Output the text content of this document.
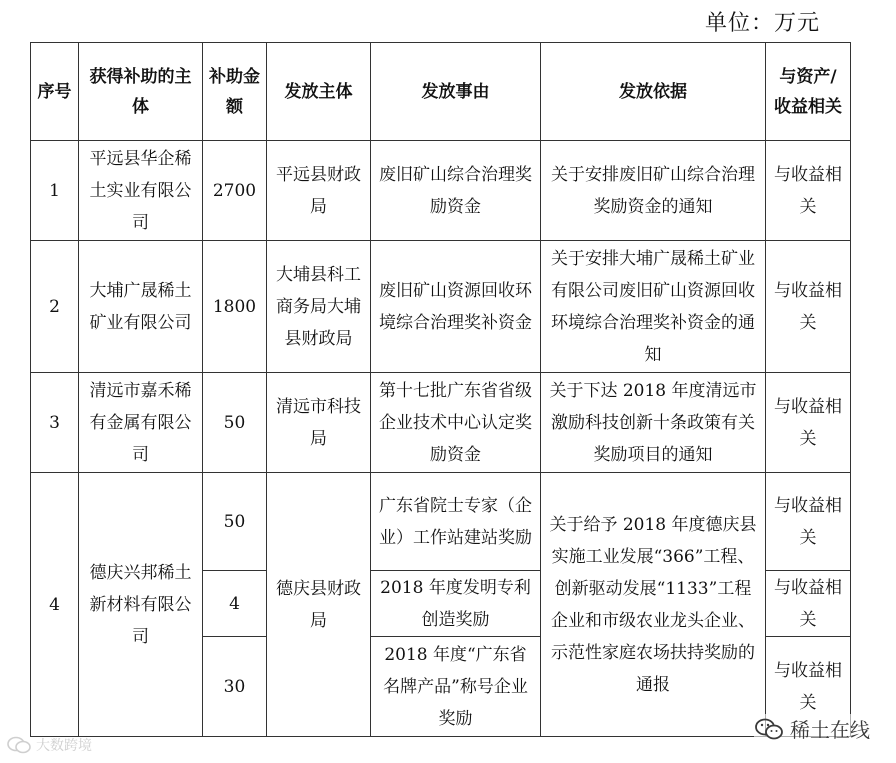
单位：万元
序号	获得补助的主体	补助金额	发放主体	发放事由	发放依据	与资产/收益相关
1	平远县华企稀土实业有限公司	2700	平远县财政局	废旧矿山综合治理奖励资金	关于安排废旧矿山综合治理奖励资金的通知	与收益相关
2	大埔广晟稀土矿业有限公司	1800	大埔县科工商务局大埔县财政局	废旧矿山资源回收环境综合治理奖补资金	关于安排大埔广晟稀土矿业有限公司废旧矿山资源回收环境综合治理奖补资金的通知	与收益相关
3	清远市嘉禾稀有金属有限公司	50	清远市科技局	第十七批广东省省级企业技术中心认定奖励资金	关于下达 2018 年度清远市激励科技创新十条政策有关奖励项目的通知	与收益相关
4	德庆兴邦稀土新材料有限公司	50	德庆县财政局	广东省院士专家（企业）工作站建站奖励	关于给予 2018 年度德庆县实施工业发展“366”工程、创新驱动发展“1133”工程企业和市级农业龙头企业、示范性家庭农场扶持奖励的通报	与收益相关
		4		2018 年度发明专利创造奖励		与收益相关
		30		2018 年度“广东省名牌产品”称号企业奖励		与收益相关
大数跨境
稀土在线
